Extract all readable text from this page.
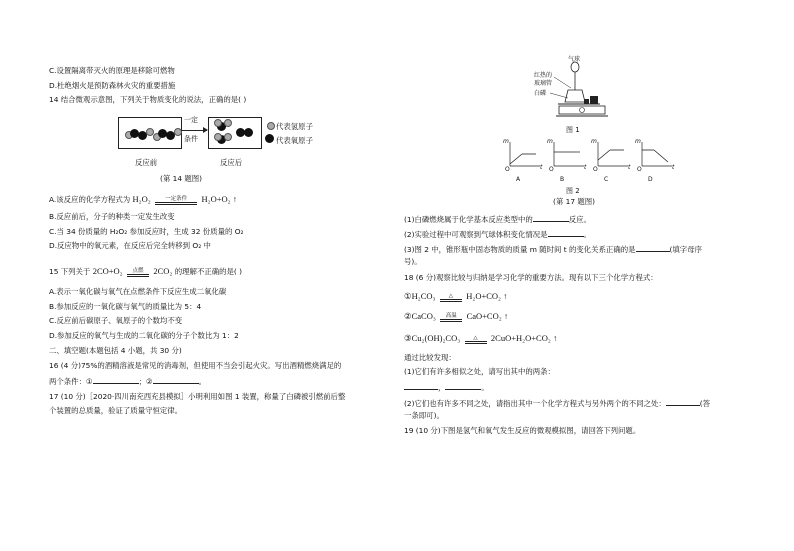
C.设置隔离带灭火的原理是移除可燃物
D.杜绝烟火是预防森林火灾的重要措施
14 结合微观示意图，下列关于物质变化的说法，正确的是( )
一定
条件
代表氢原子
代表氧原子
反应前	反应后
(第 14 题图)
A.该反应的化学方程式为 H₂O₂	一定条件	H₂O+O₂ ↑
B.反应前后，分子的种类一定发生改变
C.当 34 份质量的 H₂O₂ 参加反应时，生成 32 份质量的 O₂
D.反应物中的氧元素，在反应后完全转移到 O₂ 中
15 下列关于 2CO+O₂	点燃	2CO₂ 的理解不正确的是( )
A.表示一氧化碳与氧气在点燃条件下反应生成二氧化碳
B.参加反应的一氧化碳与氧气的质量比为 5：4
C.反应前后碳原子、氧原子的个数均不变
D.参加反应的氧气与生成的二氧化碳的分子个数比为 1：2
二、填空题(本题包括 4 小题，共 30 分)
16 (4 分)75%的酒精溶液是常见的消毒剂，但使用不当会引起火灾。写出酒精燃烧满足的
两个条件：①	；②	。
17 (10 分)［2020·四川南充西充县模拟］小明利用如图 1 装置，称量了白磷被引燃前后整
个装置的总质量，验证了质量守恒定律。
气球
红热的
玻璃管
白磷
图 1
m	m	m	m
O	O	O	O
t	t	t	t
A	B	C	D
图 2
(第 17 题图)
(1)白磷燃烧属于化学基本反应类型中的	反应。
(2)实验过程中可观察到气球体积变化情况是	。
(3)图 2 中，锥形瓶中固态物质的质量 m 随时间 t 的变化关系正确的是	(填字母序
号)。
18 (6 分)观察比较与归纳是学习化学的重要方法。现有以下三个化学方程式：
①H₂CO₃	△	H₂O+CO₂ ↑
②CaCO₃	高温	CaO+CO₂ ↑
③Cu₂(OH)₂CO₃	△	2CuO+H₂O+CO₂ ↑
通过比较发现：
(1)它们有许多相似之处，请写出其中的两条：
，	。
(2)它们也有许多不同之处，请指出其中一个化学方程式与另外两个的不同之处：	(答
一条即可)。
19 (10 分)下图是氢气和氧气发生反应的微观模拟图，请回答下列问题。
